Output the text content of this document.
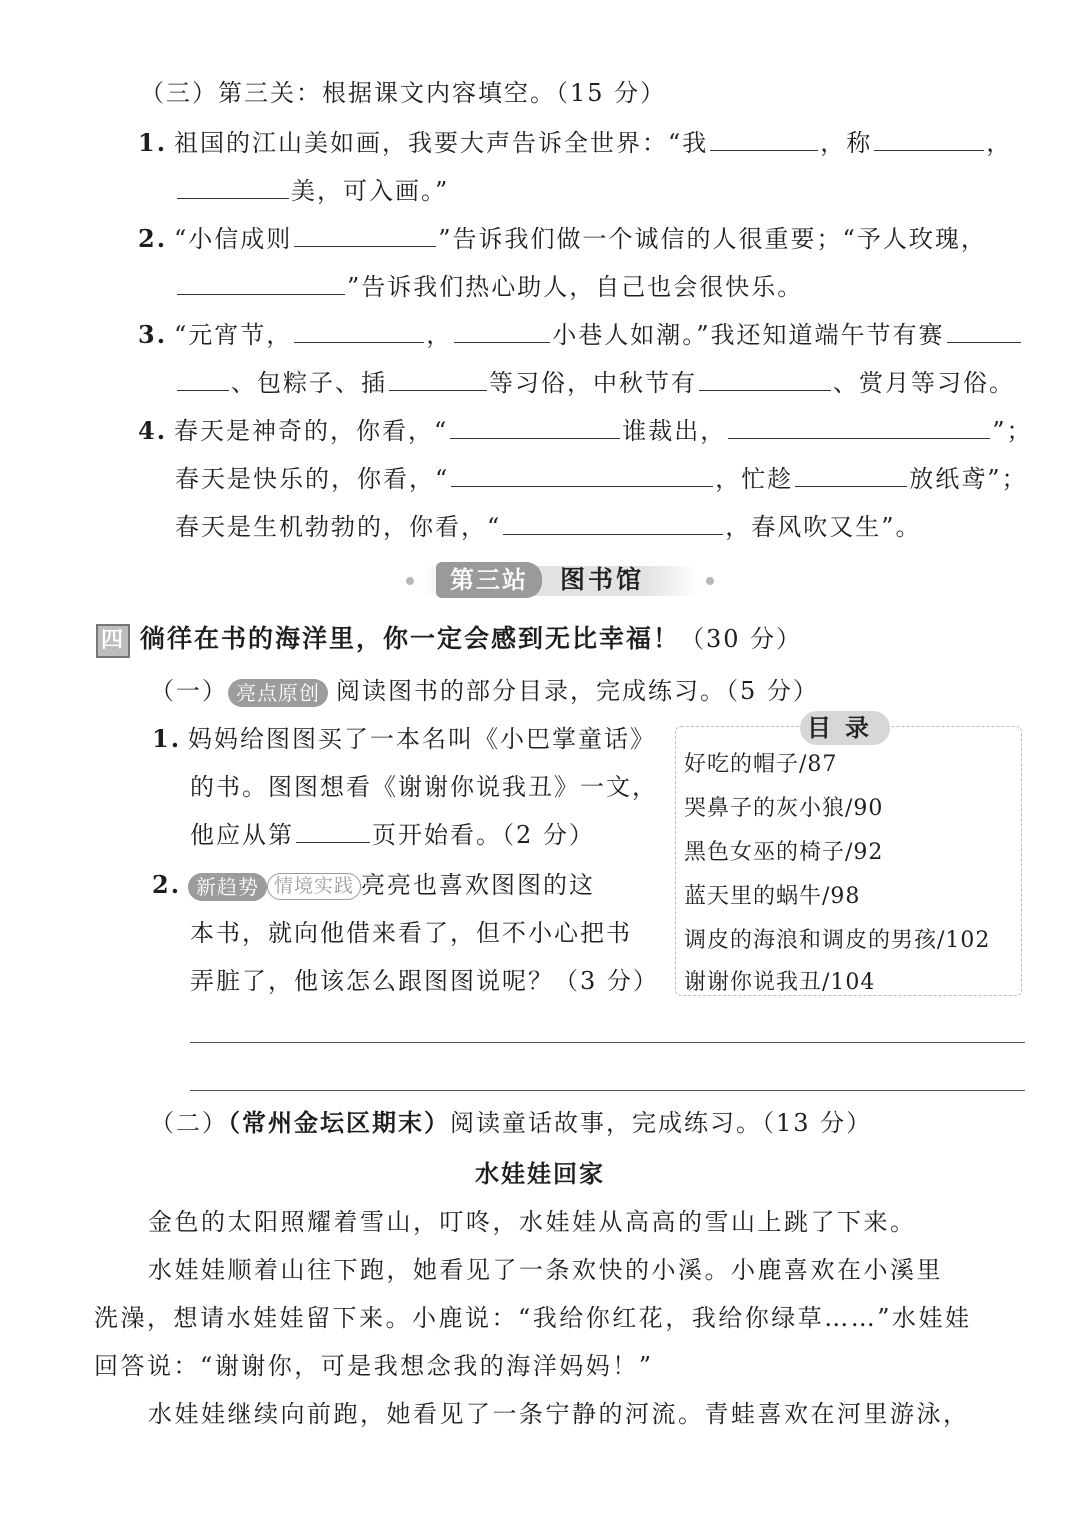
（三）第三关：根据课文内容填空。（15 分）
1. 祖国的江山美如画，我要大声告诉全世界：“我	，称	，
美，可入画。”
2. “小信成则	”告诉我们做一个诚信的人很重要；“予人玫瑰，
”告诉我们热心助人，自己也会很快乐。
3. “元宵节，	，	小巷人如潮。”我还知道端午节有赛
、包粽子、插	等习俗，中秋节有	、赏月等习俗。
4. 春天是神奇的，你看，“	谁裁出，	”；
春天是快乐的，你看，“	，忙趁	放纸鸢”；
春天是生机勃勃的，你看，“	，春风吹又生”。
第三站	图书馆
四 徜徉在书的海洋里，你一定会感到无比幸福！（30 分）
（一） 亮点原创 阅读图书的部分目录，完成练习。（5 分）
1. 妈妈给图图买了一本名叫《小巴掌童话》
的书。图图想看《谢谢你说我丑》一文，
他应从第	页开始看。（2 分）
2. 新趋势 情境实践 亮亮也喜欢图图的这
本书，就向他借来看了，但不小心把书
弄脏了，他该怎么跟图图说呢？（3 分）
目录
好吃的帽子/87
哭鼻子的灰小狼/90
黑色女巫的椅子/92
蓝天里的蜗牛/98
调皮的海浪和调皮的男孩/102
谢谢你说我丑/104
（二）（常州金坛区期末）阅读童话故事，完成练习。（13 分）
水娃娃回家
金色的太阳照耀着雪山，叮咚，水娃娃从高高的雪山上跳了下来。
水娃娃顺着山往下跑，她看见了一条欢快的小溪。小鹿喜欢在小溪里
洗澡，想请水娃娃留下来。小鹿说：“我给你红花，我给你绿草……”水娃娃
回答说：“谢谢你，可是我想念我的海洋妈妈！”
水娃娃继续向前跑，她看见了一条宁静的河流。青蛙喜欢在河里游泳，
